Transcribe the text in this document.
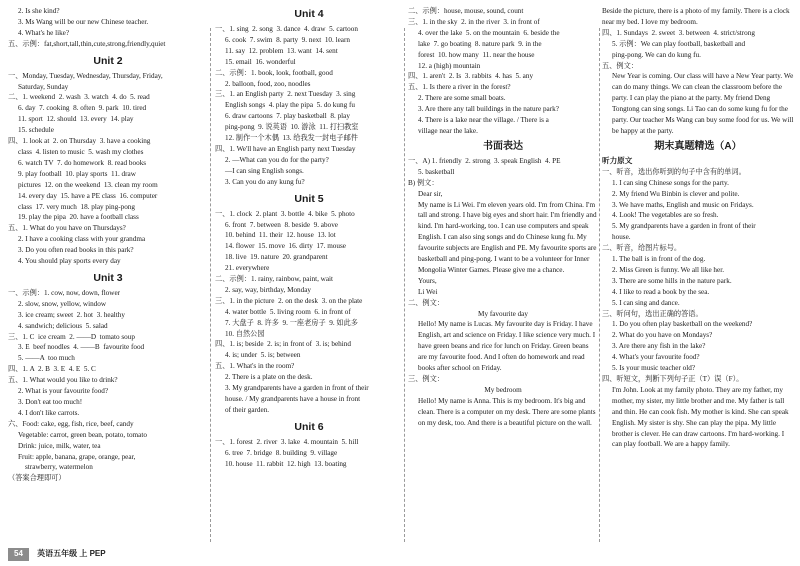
2. Is she kind?
3. Ms Wang will be our new Chinese teacher.
4. What's he like?
五、示例：fat,short,tall,thin,cute,strong,friendly,quiet
Unit 2
一、Monday, Tuesday, Wednesday, Thursday, Friday,
Saturday, Sunday
二、1. weekend  2. wash  3. watch  4. do  5. read
6. day  7. cooking  8. often  9. park  10. tired
11. sport  12. should  13. every  14. play
15. schedule
四、1. look at  2. on Thursday  3. have a cooking
class  4. listen to music  5. wash my clothes
6. watch TV  7. do homework  8. read books
9. play football  10. play sports  11. draw
pictures  12. on the weekend  13. clean my room
14. every day  15. have a PE class  16. computer
class  17. very much  18. play ping-pong
19. play the pipa  20. have a football class
五、1. What do you have on Thursdays?
2. I have a cooking class with your grandma
3. Do you often read books in this park?
4. You should play sports every day
Unit 3
一、示例：1. cow, now, down, flower
2. slow, snow, yellow, window
3. ice cream; sweet  2. hot  3. healthy
4. sandwich; delicious  5. salad
三、1. C  ice cream  2. ——D  tomato soup
3. E  beef noodles  4. ——B  favourite food
5. ——A  too much
四、1. A  2. B  3. E  4. E  5. C
五、1. What would you like to drink?
2. What is your favourite food?
3. Don't eat too much!
4. I don't like carrots.
六、Food: cake, egg, fish, rice, beef, candy
Vegetable: carrot, green bean, potato, tomato
Drink: juice, milk, water, tea
Fruit: apple, banana, grape, orange, pear,
strawberry, watermelon
（答案合理即可）
Unit 4
一、1. sing  2. song  3. dance  4. draw  5. cartoon
6. cook  7. swim  8. party  9. next  10. learn
11. say  12. problem  13. want  14. sent
15. email  16. wonderful
二、示例：1. book, look, football, good
2. balloon, food, zoo, noodles
三、1. an English party  2. next Tuesday  3. sing
English songs  4. play the pipa  5. do kung fu
6. draw cartoons  7. play basketball  8. play
ping-pong  9. 说英语  10. 游泳  11. 打扫教室
12. 制作一个木偶  13. 给我发一封电子邮件
四、1. We'll have an English party next Tuesday
2. —What can you do for the party?
—I can sing English songs.
3. Can you do any kung fu?
Unit 5
一、1. clock  2. plant  3. bottle  4. bike  5. photo
6. front  7. between  8. beside  9. above
10. behind  11. their  12. house  13. lot
14. flower  15. move  16. dirty  17. mouse
18. live  19. nature  20. grandparent
21. everywhere
二、示例：1. rainy, rainbow, paint, wait
2. say, way, birthday, Monday
三、1. in the picture  2. on the desk  3. on the plate
4. water bottle  5. living room  6. in front of
7. 大盘子  8. 许多  9. 一座老房子  9. 如此多
10. 自然公园
四、1. is; beside  2. is; in front of  3. is; behind
4. is; under  5. is; between
五、1. What's in the room?
2. There is a plate on the desk.
3. My grandparents have a garden in front of their
house. / My grandparents have a house in front
of their garden.
Unit 6
一、1. forest  2. river  3. lake  4. mountain  5. hill
6. tree  7. bridge  8. building  9. village
10. house  11. rabbit  12. high  13. boating
二、示例：house, mouse, sound, count
三、1. in the sky  2. in the river  3. in front of
4. over the lake  5. on the mountain  6. beside the
lake  7. go boating  8. nature park  9. in the
forest  10. how many  11. near the house
12. a (high) mountain
四、1. aren't  2. Is  3. rabbits  4. has  5. any
五、1. Is there a river in the forest?
2. There are some small boats.
3. Are there any tall buildings in the nature park?
4. There is a lake near the village. / There is a
village near the lake.
书面表达
一、A) 1. friendly  2. strong  3. speak English  4. PE
5. basketball
B) 例文：
Dear sir,
My name is Li Wei. I'm eleven years old. I'm from China. I'm tall and strong. I have big eyes and short hair. I'm friendly and kind. I'm hard-working, too. I can use computers and speak English. I can also sing songs and do Chinese kung fu. My favourite subjects are English and PE. My favourite sports are basketball and ping-pong. I want to be a volunteer for Inner Mongolia Winter Games. Please give me a chance.
Yours,
Li Wei
二、例文：
My favourite day
Hello! My name is Lucas. My favourite day is Friday. I have English, art and science on Friday. I like science very much. I have green beans and rice for lunch on Friday. Green beans are my favourite food. And I often do homework and read books after school on Friday.
三、例文：
My bedroom
Hello! My name is Anna. This is my bedroom. It's big and clean. There is a computer on my desk. There are some plants on my desk, too. And there is a beautiful picture on the wall.
Beside the picture, there is a photo of my family. There is a clock near my bed. I love my bedroom.
四、1. Sundays  2. sweet  3. between  4. strict/strong
5. 示例：We can play football, basketball and
ping-pong. We can do kung fu.
五、例文：
New Year is coming. Our class will have a New Year party. We can do many things. We can clean the classroom before the party. I can play the piano at the party. My friend Deng Tongtong can sing songs. Li Tao can do some kung fu for the party. Our teacher Ms Wang can buy some food for us. We will be happy at the party.
期末真题精选（A）
听力原文
一、听音，选出你听到的句子中含有的单词。
1. I can sing Chinese songs for the party.
2. My friend Wu Binbin is clever and polite.
3. We have maths, English and music on Fridays.
4. Look! The vegetables are so fresh.
5. My grandparents have a garden in front of their
house.
二、听音，给图片标号。
1. The ball is in front of the dog.
2. Miss Green is funny. We all like her.
3. There are some hills in the nature park.
4. I like to read a book by the sea.
5. I can sing and dance.
三、听问句，选出正确的答语。
1. Do you often play basketball on the weekend?
2. What do you have on Mondays?
3. Are there any fish in the lake?
4. What's your favourite food?
5. Is your music teacher old?
四、听短文，判断下列句子正（T）误（F）。
I'm John. Look at my family photo. They are my father, my mother, my sister, my little brother and me. My father is tall and thin. He can cook fish. My mother is kind. She can speak English. My sister is shy. She can play the pipa. My little brother is clever. He can draw cartoons. I'm hard-working. I can play football. We are a happy family.
54 英语五年级 上 PEP
